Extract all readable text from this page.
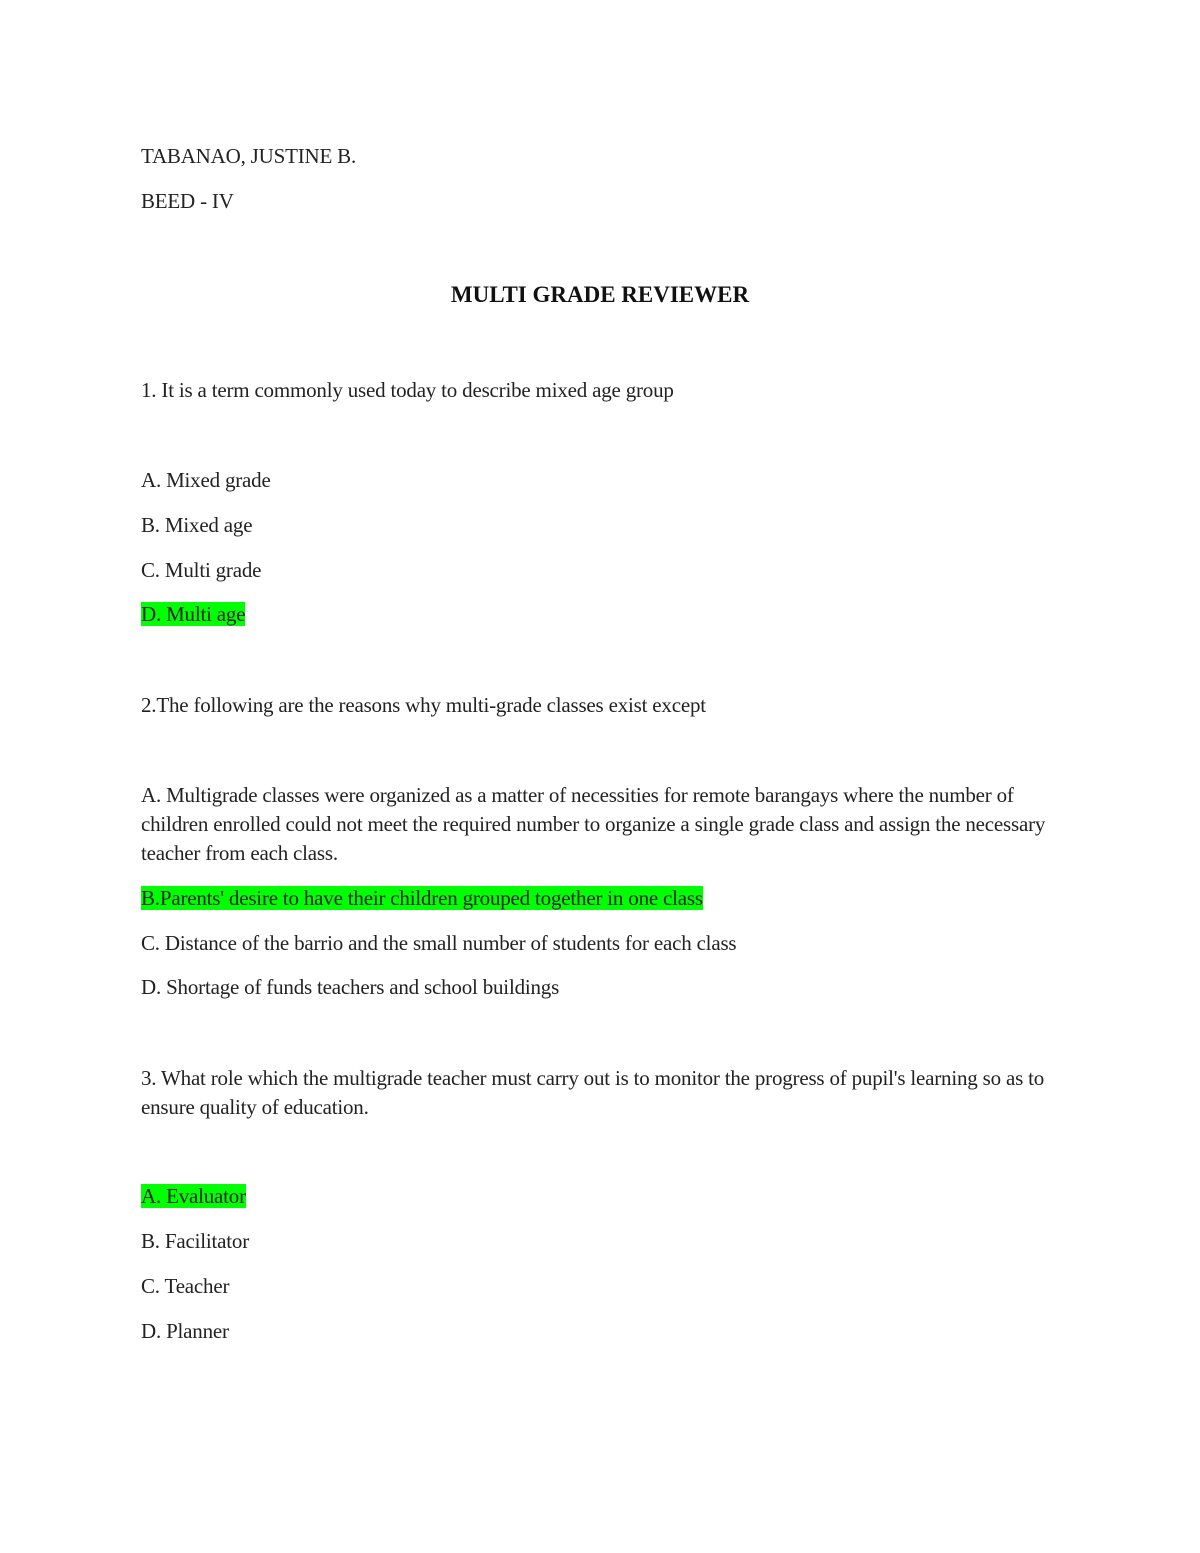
TABANAO, JUSTINE B.
BEED - IV
MULTI GRADE REVIEWER
1. It is a term commonly used today to describe mixed age group
A. Mixed grade
B. Mixed age
C. Multi grade
D. Multi age
2.The following are the reasons why multi-grade classes exist except
A. Multigrade classes were organized as a matter of necessities for remote barangays where the number of children enrolled could not meet the required number to organize a single grade class and assign the necessary teacher from each class.
B.Parents' desire to have their children grouped together in one class
C. Distance of the barrio and the small number of students for each class
D. Shortage of funds teachers and school buildings
3. What role which the multigrade teacher must carry out is to monitor the progress of pupil's learning so as to ensure quality of education.
A. Evaluator
B. Facilitator
C. Teacher
D. Planner
